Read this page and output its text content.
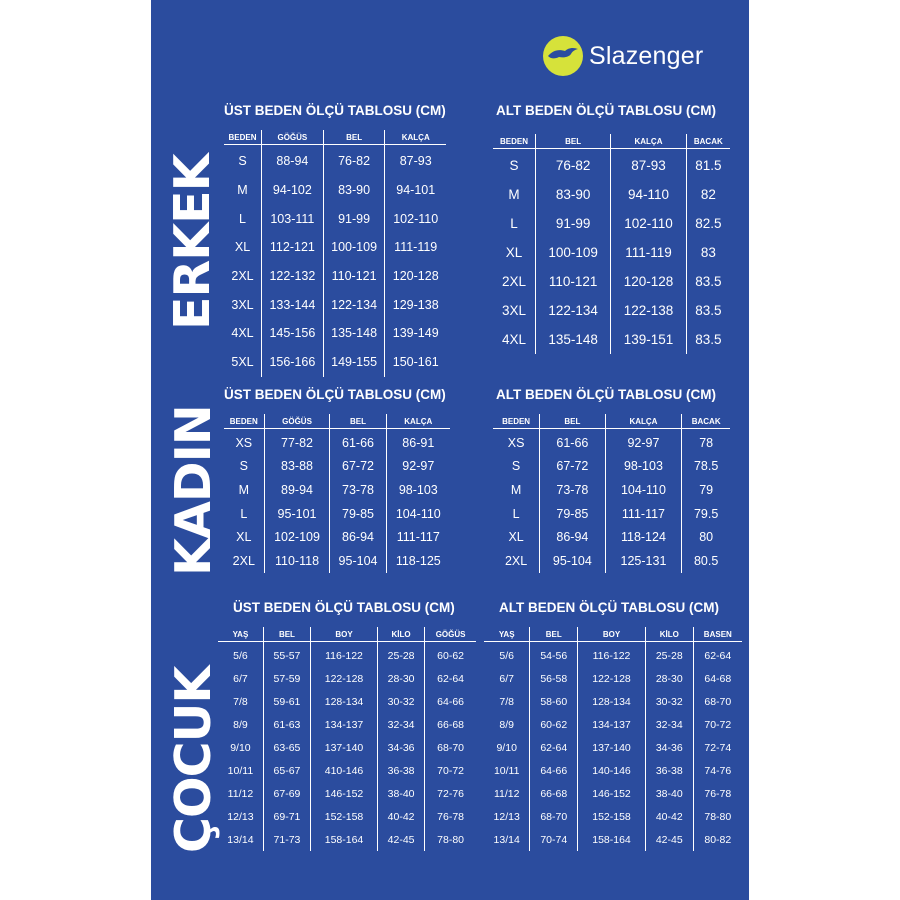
Slazenger
ERKEK
KADIN
ÇOCUK
ÜST BEDEN ÖLÇÜ TABLOSU (CM)	ALT BEDEN ÖLÇÜ TABLOSU (CM)
ÜST BEDEN ÖLÇÜ TABLOSU (CM)	ALT BEDEN ÖLÇÜ TABLOSU (CM)
ÜST BEDEN ÖLÇÜ TABLOSU (CM)	ALT BEDEN ÖLÇÜ TABLOSU (CM)
BEDEN	GÖĞÜS	BEL	KALÇA
S	88-94	76-82	87-93
M	94-102	83-90	94-101
L	103-111	91-99	102-110
XL	112-121	100-109	111-119
2XL	122-132	110-121	120-128
3XL	133-144	122-134	129-138
4XL	145-156	135-148	139-149
5XL	156-166	149-155	150-161
BEDEN	BEL	KALÇA	BACAK
S	76-82	87-93	81.5
M	83-90	94-110	82
L	91-99	102-110	82.5
XL	100-109	111-119	83
2XL	110-121	120-128	83.5
3XL	122-134	122-138	83.5
4XL	135-148	139-151	83.5
BEDEN	GÖĞÜS	BEL	KALÇA
XS	77-82	61-66	86-91
S	83-88	67-72	92-97
M	89-94	73-78	98-103
L	95-101	79-85	104-110
XL	102-109	86-94	111-117
2XL	110-118	95-104	118-125
BEDEN	BEL	KALÇA	BACAK
XS	61-66	92-97	78
S	67-72	98-103	78.5
M	73-78	104-110	79
L	79-85	111-117	79.5
XL	86-94	118-124	80
2XL	95-104	125-131	80.5
YAŞ	BEL	BOY	KİLO	GÖĞÜS
5/6	55-57	116-122	25-28	60-62
6/7	57-59	122-128	28-30	62-64
7/8	59-61	128-134	30-32	64-66
8/9	61-63	134-137	32-34	66-68
9/10	63-65	137-140	34-36	68-70
10/11	65-67	410-146	36-38	70-72
11/12	67-69	146-152	38-40	72-76
12/13	69-71	152-158	40-42	76-78
13/14	71-73	158-164	42-45	78-80
YAŞ	BEL	BOY	KİLO	BASEN
5/6	54-56	116-122	25-28	62-64
6/7	56-58	122-128	28-30	64-68
7/8	58-60	128-134	30-32	68-70
8/9	60-62	134-137	32-34	70-72
9/10	62-64	137-140	34-36	72-74
10/11	64-66	140-146	36-38	74-76
11/12	66-68	146-152	38-40	76-78
12/13	68-70	152-158	40-42	78-80
13/14	70-74	158-164	42-45	80-82
